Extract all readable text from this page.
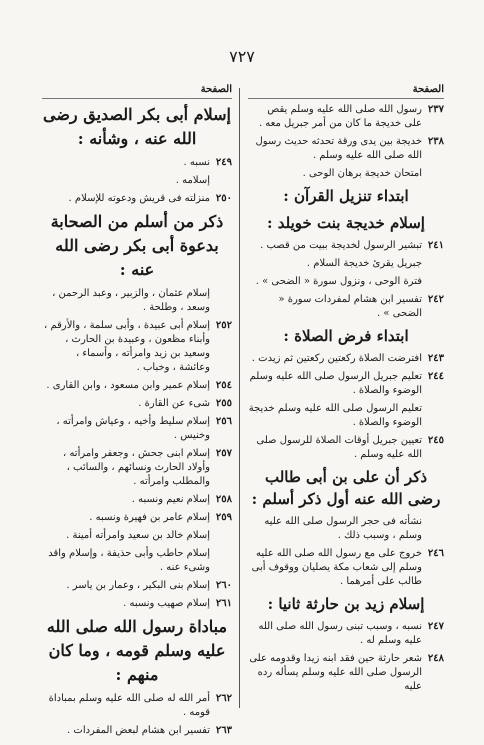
٧٢٧
الصفحة
٢٣٧
رسول الله صلى الله عليه وسلم يقص على خديجة ما كان من أمر جبريل معه .
٢٣٨
خديجة بين يدى ورقة تحدثه حديث رسول الله صلى الله عليه وسلم .
امتحان خديجة برهان الوحى .
ابتداء تنزيل القرآن :
إسلام خديجة بنت خويلد :
٢٤١
تبشير الرسول لخديجة ببيت من قصب .
جبريل يقرئ خديجة السلام .
فترة الوحى ، ونزول سورة « الضحى » .
٢٤٢
تفسير ابن هشام لمفردات سورة « الضحى » .
ابتداء فرض الصلاة :
٢٤٣
افترضت الصلاة ركعتين ركعتين ثم زيدت .
٢٤٤
تعليم جبريل الرسول صلى الله عليه وسلم الوضوء والصلاة .
تعليم الرسول صلى الله عليه وسلم خديجة الوضوء والصلاة .
٢٤٥
تعيين جبريل أوقات الصلاة للرسول صلى الله عليه وسلم .
ذكر أن على بن أبى طالب رضى الله عنه أول ذكر أسلم :
نشأته فى حجر الرسول صلى الله عليه وسلم ، وسبب ذلك .
٢٤٦
خروج على مع رسول الله صلى الله عليه وسلم إلى شعاب مكة يصليان ووقوف أبى طالب على أمرهما .
إسلام زيد بن حارثة ثانيا :
٢٤٧
نسبه ، وسبب تبنى رسول الله صلى الله عليه وسلم له .
٢٤٨
شعر حارثة حين فقد ابنه زيدا وقدومه على الرسول صلى الله عليه وسلم يسأله رده عليه
الصفحة
إسلام أبى بكر الصديق رضى الله عنه ، وشأنه :
٢٤٩
نسبه .
إسلامه .
٢٥٠
منزلته فى قريش ودعوته للإسلام .
ذكر من أسلم من الصحابة بدعوة أبى بكر رضى الله عنه :
إسلام عثمان ، والزبير ، وعبد الرحمن ، وسعد ، وطلحة .
٢٥٢
إسلام أبى عبيدة ، وأبى سلمة ، والأرقم ، وأبناء مظعون ، وعبيدة بن الحارث ، وسعيد بن زيد وامرأته ، وأسماء ، وعائشة ، وخباب .
٢٥٤
إسلام عمير وابن مسعود ، وابن القارى .
٢٥٥
شىء عن القارة .
٢٥٦
إسلام سليط وأخيه ، وعياش وامرأته ، وخنيس .
٢٥٧
إسلام ابنى جحش ، وجعفر وامرأته ، وأولاد الحارث ونسائهم ، والسائب ، والمطلب وامرأته .
٢٥٨
إسلام نعيم ونسبه .
٢٥٩
إسلام عامر بن فهيرة ونسبه .
إسلام خالد بن سعيد وامرأته أمينة .
إسلام حاطب وأبى حذيفة ، وإسلام واقد وشىء عنه .
٢٦٠
إسلام بنى البكير ، وعمار بن ياسر .
٢٦١
إسلام صهيب ونسبه .
مباداة رسول الله صلى الله عليه وسلم قومه ، وما كان منهم :
٢٦٢
أمر الله له صلى الله عليه وسلم بمباداة قومه .
٢٦٣
تفسير ابن هشام لبعض المفردات .
